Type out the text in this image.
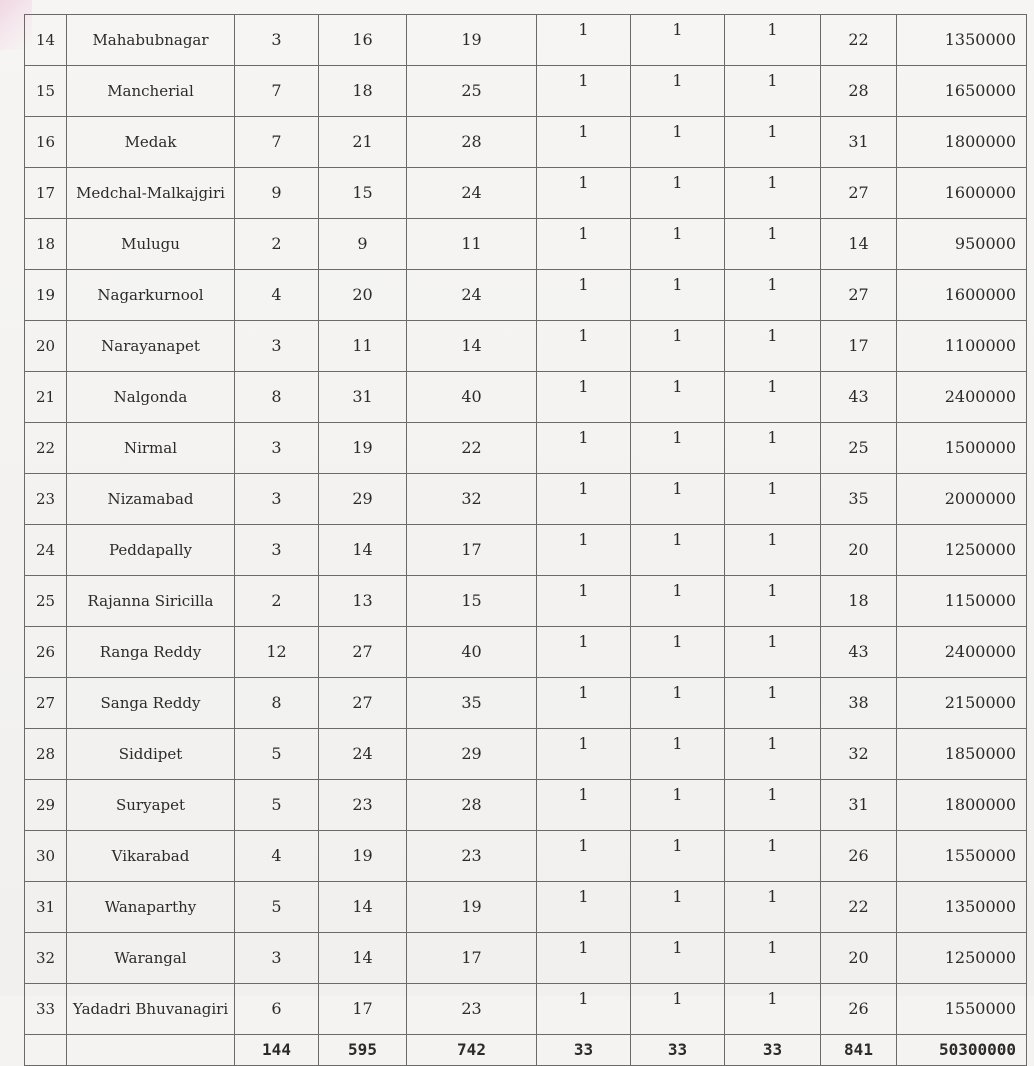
14	Mahabubnagar	3	16	19	1	1	1	22	1350000
15	Mancherial	7	18	25	1	1	1	28	1650000
16	Medak	7	21	28	1	1	1	31	1800000
17	Medchal-Malkajgiri	9	15	24	1	1	1	27	1600000
18	Mulugu	2	9	11	1	1	1	14	950000
19	Nagarkurnool	4	20	24	1	1	1	27	1600000
20	Narayanapet	3	11	14	1	1	1	17	1100000
21	Nalgonda	8	31	40	1	1	1	43	2400000
22	Nirmal	3	19	22	1	1	1	25	1500000
23	Nizamabad	3	29	32	1	1	1	35	2000000
24	Peddapally	3	14	17	1	1	1	20	1250000
25	Rajanna Siricilla	2	13	15	1	1	1	18	1150000
26	Ranga Reddy	12	27	40	1	1	1	43	2400000
27	Sanga Reddy	8	27	35	1	1	1	38	2150000
28	Siddipet	5	24	29	1	1	1	32	1850000
29	Suryapet	5	23	28	1	1	1	31	1800000
30	Vikarabad	4	19	23	1	1	1	26	1550000
31	Wanaparthy	5	14	19	1	1	1	22	1350000
32	Warangal	3	14	17	1	1	1	20	1250000
33	Yadadri Bhuvanagiri	6	17	23	1	1	1	26	1550000
		144	595	742	33	33	33	841	50300000
